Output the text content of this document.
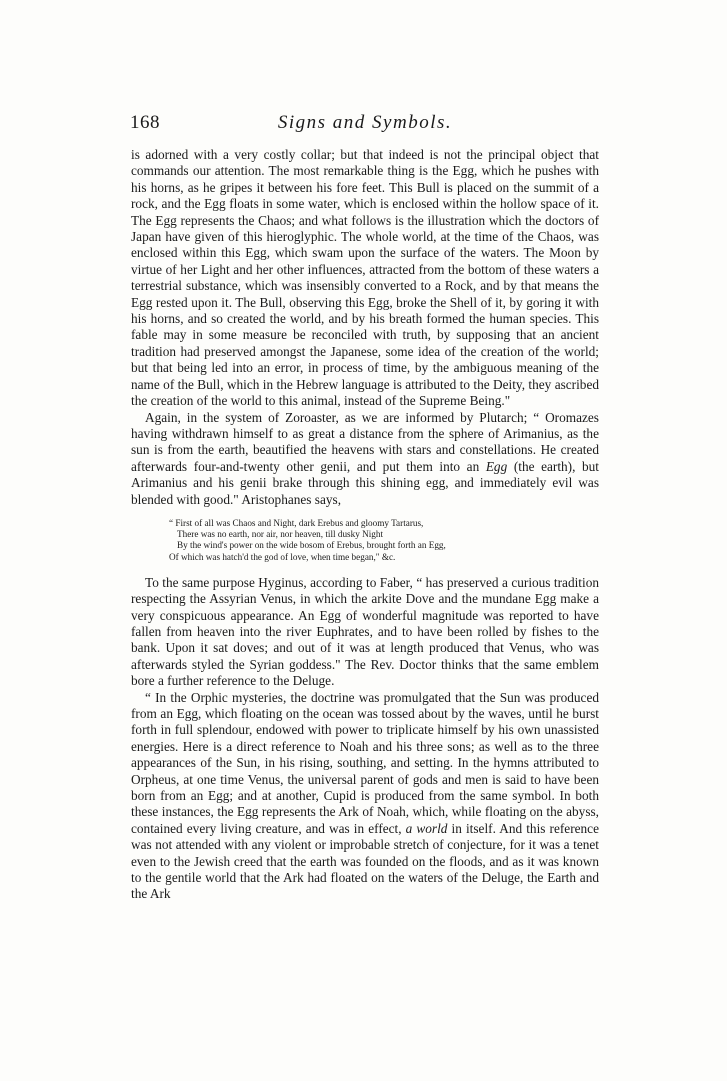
168	Signs and Symbols.

is adorned with a very costly collar; but that indeed is not the principal object that commands our attention. The most remarkable thing is the Egg, which he pushes with his horns, as he gripes it between his fore feet. This Bull is placed on the summit of a rock, and the Egg floats in some water, which is enclosed within the hollow space of it. The Egg represents the Chaos; and what follows is the illustration which the doctors of Japan have given of this hieroglyphic. The whole world, at the time of the Chaos, was enclosed within this Egg, which swam upon the surface of the waters. The Moon by virtue of her Light and her other influences, attracted from the bottom of these waters a terrestrial substance, which was insensibly converted to a Rock, and by that means the Egg rested upon it. The Bull, observing this Egg, broke the Shell of it, by goring it with his horns, and so created the world, and by his breath formed the human species. This fable may in some measure be reconciled with truth, by supposing that an ancient tradition had preserved amongst the Japanese, some idea of the creation of the world; but that being led into an error, in process of time, by the ambiguous meaning of the name of the Bull, which in the Hebrew language is attributed to the Deity, they ascribed the creation of the world to this animal, instead of the Supreme Being."

Again, in the system of Zoroaster, as we are informed by Plutarch; “ Oromazes having withdrawn himself to as great a distance from the sphere of Arimanius, as the sun is from the earth, beautified the heavens with stars and constellations. He created afterwards four-and-twenty other genii, and put them into an Egg (the earth), but Arimanius and his genii brake through this shining egg, and immediately evil was blended with good." Aristophanes says,

“ First of all was Chaos and Night, dark Erebus and gloomy Tartarus,
There was no earth, nor air, nor heaven, till dusky Night
By the wind's power on the wide bosom of Erebus, brought forth an Egg,
Of which was hatch'd the god of love, when time began," &c.

To the same purpose Hyginus, according to Faber, “ has preserved a curious tradition respecting the Assyrian Venus, in which the arkite Dove and the mundane Egg make a very conspicuous appearance. An Egg of wonderful magnitude was reported to have fallen from heaven into the river Euphrates, and to have been rolled by fishes to the bank. Upon it sat doves; and out of it was at length produced that Venus, who was afterwards styled the Syrian goddess." The Rev. Doctor thinks that the same emblem bore a further reference to the Deluge.

“ In the Orphic mysteries, the doctrine was promulgated that the Sun was produced from an Egg, which floating on the ocean was tossed about by the waves, until he burst forth in full splendour, endowed with power to triplicate himself by his own unassisted energies. Here is a direct reference to Noah and his three sons; as well as to the three appearances of the Sun, in his rising, southing, and setting. In the hymns attributed to Orpheus, at one time Venus, the universal parent of gods and men is said to have been born from an Egg; and at another, Cupid is produced from the same symbol. In both these instances, the Egg represents the Ark of Noah, which, while floating on the abyss, contained every living creature, and was in effect, a world in itself. And this reference was not attended with any violent or improbable stretch of conjecture, for it was a tenet even to the Jewish creed that the earth was founded on the floods, and as it was known to the gentile world that the Ark had floated on the waters of the Deluge, the Earth and the Ark
